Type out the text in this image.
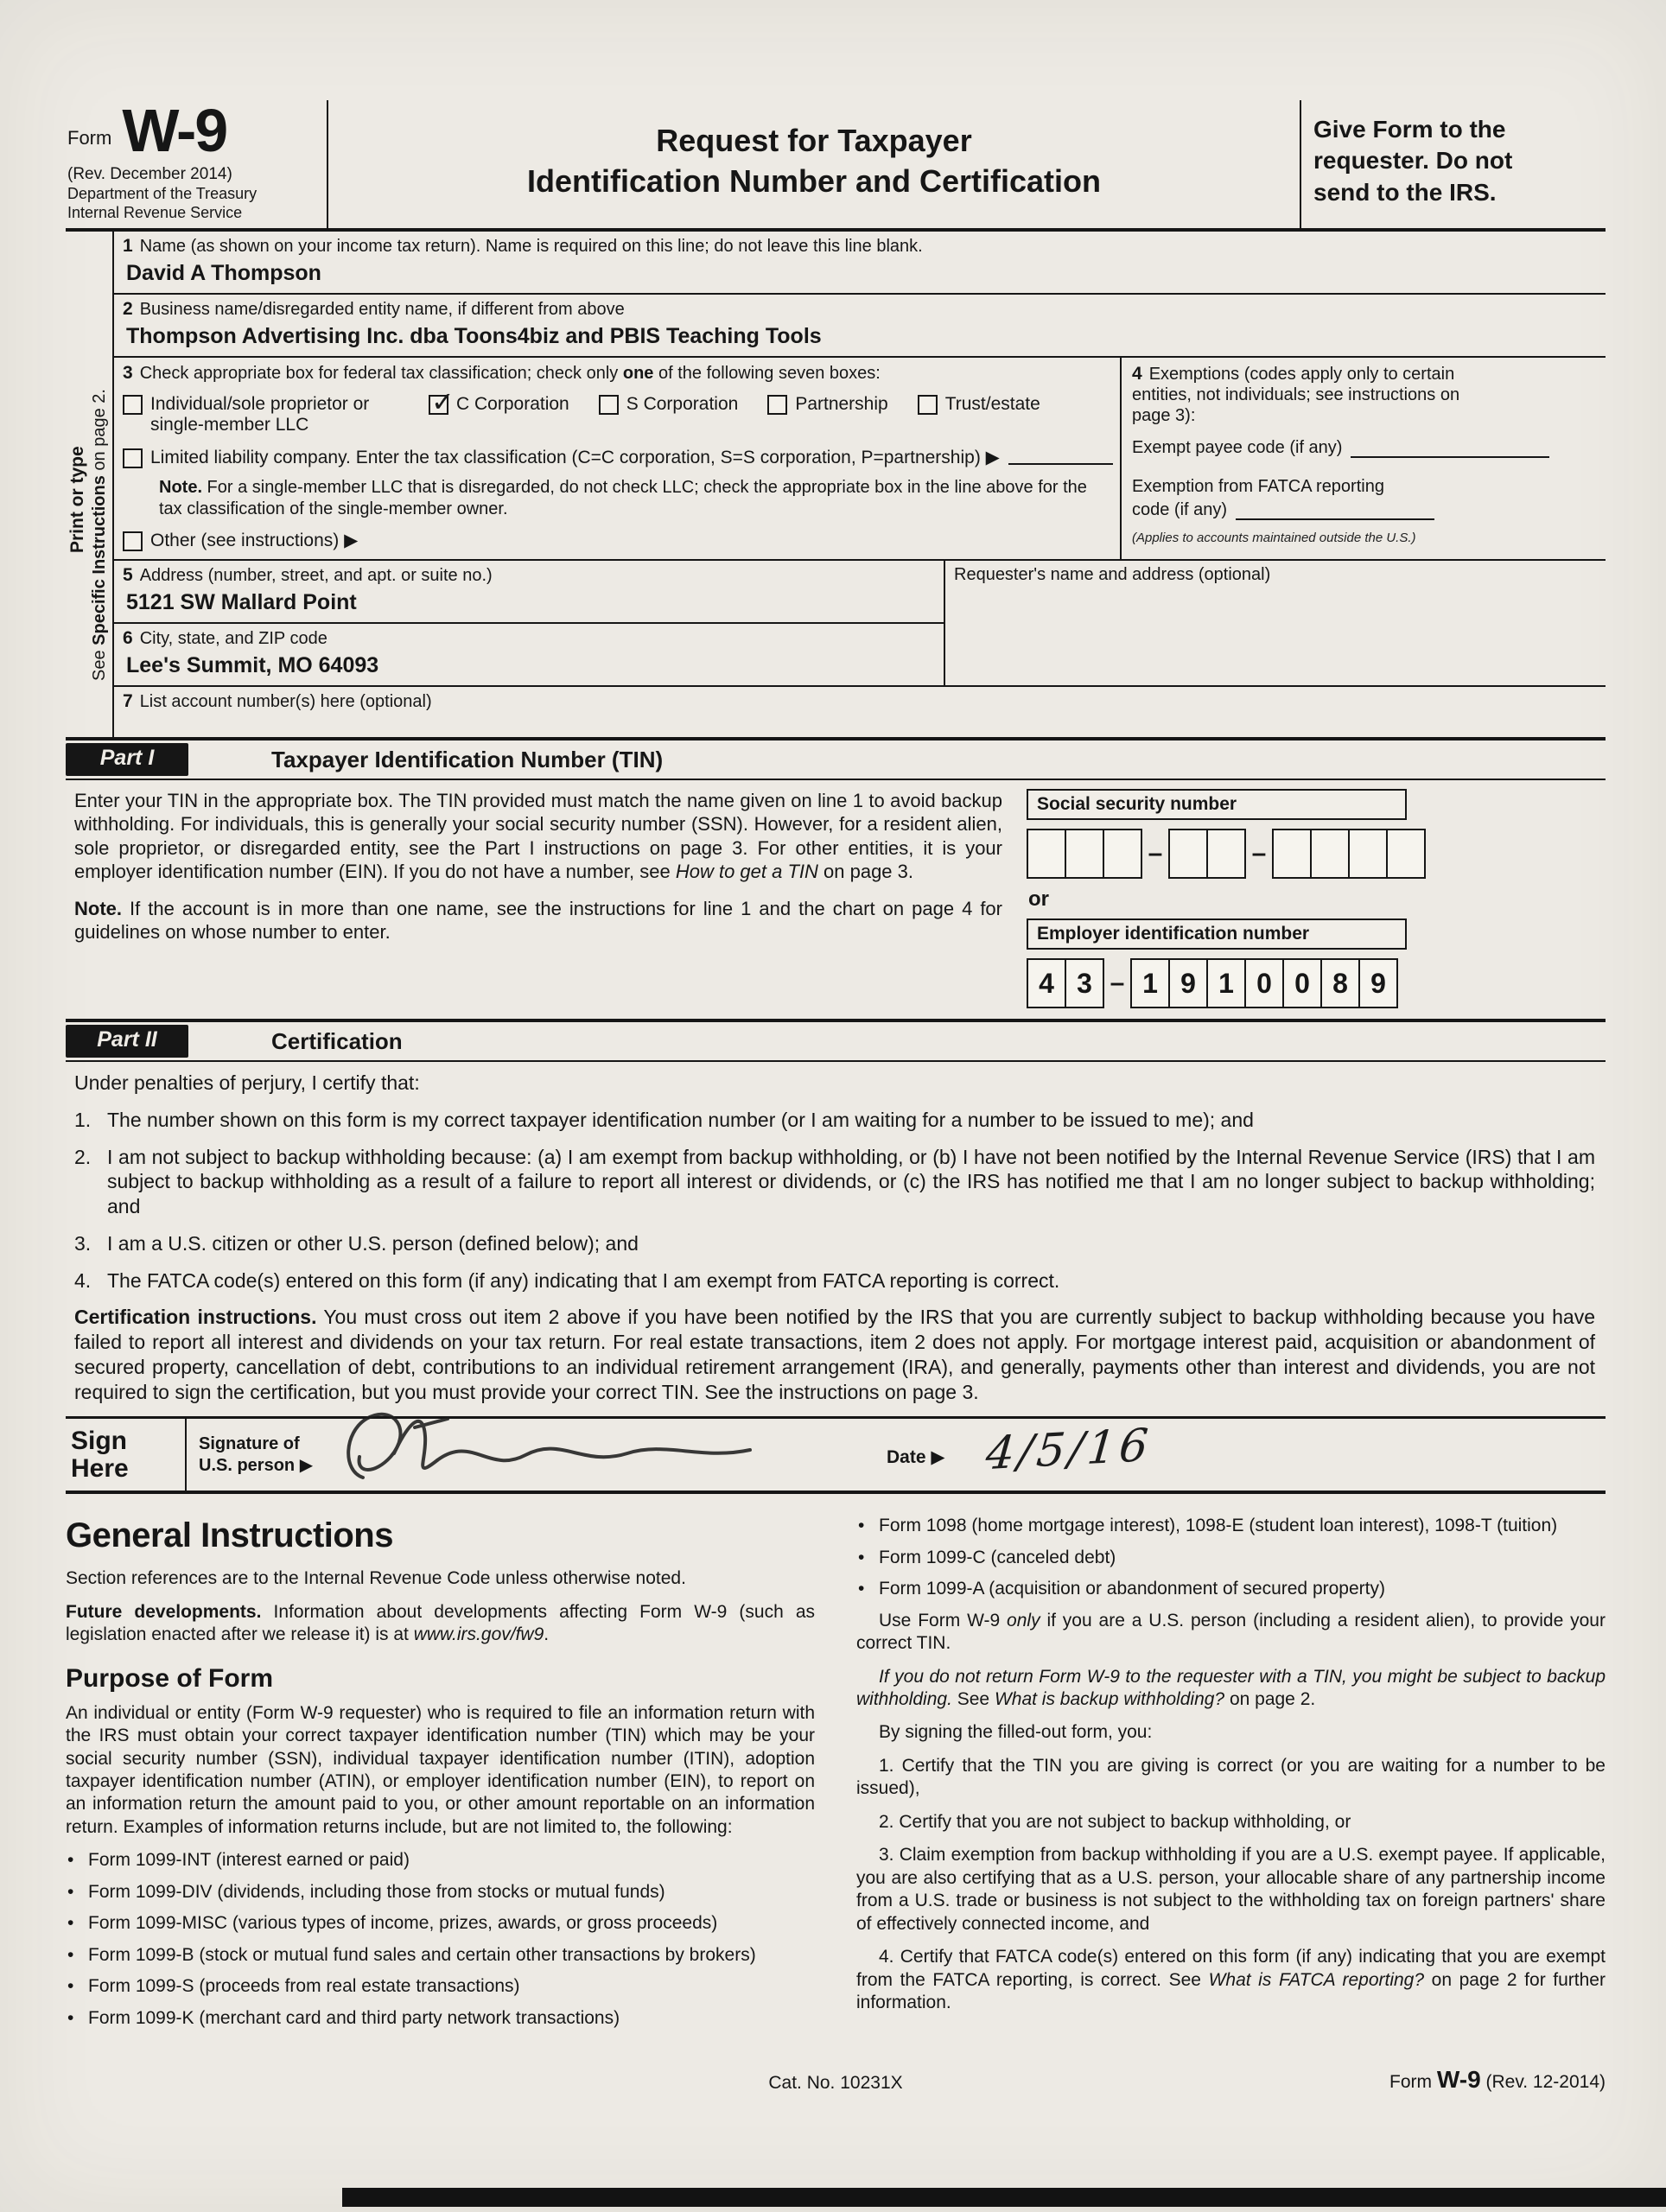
Form W-9
(Rev. December 2014)
Department of the Treasury
Internal Revenue Service
Request for Taxpayer
Identification Number and Certification
Give Form to the requester. Do not send to the IRS.
Print or type
See Specific Instructions on page 2.
1 Name (as shown on your income tax return). Name is required on this line; do not leave this line blank.
David A Thompson
2 Business name/disregarded entity name, if different from above
Thompson Advertising Inc. dba Toons4biz and PBIS Teaching Tools
3 Check appropriate box for federal tax classification; check only one of the following seven boxes:
Individual/sole proprietor or single-member LLC
✓ C Corporation	S Corporation	Partnership	Trust/estate
Limited liability company. Enter the tax classification (C=C corporation, S=S corporation, P=partnership) ▶
Note. For a single-member LLC that is disregarded, do not check LLC; check the appropriate box in the line above for the tax classification of the single-member owner.
Other (see instructions) ▶
4 Exemptions (codes apply only to certain entities, not individuals; see instructions on page 3):
Exempt payee code (if any)
Exemption from FATCA reporting
code (if any)
(Applies to accounts maintained outside the U.S.)
5 Address (number, street, and apt. or suite no.)
5121 SW Mallard Point
6 City, state, and ZIP code
Lee's Summit, MO 64093
Requester's name and address (optional)
7 List account number(s) here (optional)
Part I	Taxpayer Identification Number (TIN)

Enter your TIN in the appropriate box. The TIN provided must match the name given on line 1 to avoid backup withholding. For individuals, this is generally your social security number (SSN). However, for a resident alien, sole proprietor, or disregarded entity, see the Part I instructions on page 3. For other entities, it is your employer identification number (EIN). If you do not have a number, see How to get a TIN on page 3.

Note. If the account is in more than one name, see the instructions for line 1 and the chart on page 4 for guidelines on whose number to enter.

Social security number
–	–
or
Employer identification number
4 3 – 1 9 1 0 0 8 9
Part II	Certification
Under penalties of perjury, I certify that:
1. The number shown on this form is my correct taxpayer identification number (or I am waiting for a number to be issued to me); and
2. I am not subject to backup withholding because: (a) I am exempt from backup withholding, or (b) I have not been notified by the Internal Revenue Service (IRS) that I am subject to backup withholding as a result of a failure to report all interest or dividends, or (c) the IRS has notified me that I am no longer subject to backup withholding; and
3. I am a U.S. citizen or other U.S. person (defined below); and
4. The FATCA code(s) entered on this form (if any) indicating that I am exempt from FATCA reporting is correct.
Certification instructions. You must cross out item 2 above if you have been notified by the IRS that you are currently subject to backup withholding because you have failed to report all interest and dividends on your tax return. For real estate transactions, item 2 does not apply. For mortgage interest paid, acquisition or abandonment of secured property, cancellation of debt, contributions to an individual retirement arrangement (IRA), and generally, payments other than interest and dividends, you are not required to sign the certification, but you must provide your correct TIN. See the instructions on page 3.
Sign
Here
Signature of
U.S. person ▶	Date ▶ 4/5/16
General Instructions

Section references are to the Internal Revenue Code unless otherwise noted.

Future developments. Information about developments affecting Form W-9 (such as legislation enacted after we release it) is at www.irs.gov/fw9.

Purpose of Form

An individual or entity (Form W-9 requester) who is required to file an information return with the IRS must obtain your correct taxpayer identification number (TIN) which may be your social security number (SSN), individual taxpayer identification number (ITIN), adoption taxpayer identification number (ATIN), or employer identification number (EIN), to report on an information return the amount paid to you, or other amount reportable on an information return. Examples of information returns include, but are not limited to, the following:

• Form 1099-INT (interest earned or paid)
• Form 1099-DIV (dividends, including those from stocks or mutual funds)
• Form 1099-MISC (various types of income, prizes, awards, or gross proceeds)
• Form 1099-B (stock or mutual fund sales and certain other transactions by brokers)
• Form 1099-S (proceeds from real estate transactions)
• Form 1099-K (merchant card and third party network transactions)
• Form 1098 (home mortgage interest), 1098-E (student loan interest), 1098-T (tuition)
• Form 1099-C (canceled debt)
• Form 1099-A (acquisition or abandonment of secured property)

Use Form W-9 only if you are a U.S. person (including a resident alien), to provide your correct TIN.

If you do not return Form W-9 to the requester with a TIN, you might be subject to backup withholding. See What is backup withholding? on page 2.

By signing the filled-out form, you:

1. Certify that the TIN you are giving is correct (or you are waiting for a number to be issued),

2. Certify that you are not subject to backup withholding, or

3. Claim exemption from backup withholding if you are a U.S. exempt payee. If applicable, you are also certifying that as a U.S. person, your allocable share of any partnership income from a U.S. trade or business is not subject to the withholding tax on foreign partners' share of effectively connected income, and

4. Certify that FATCA code(s) entered on this form (if any) indicating that you are exempt from the FATCA reporting, is correct. See What is FATCA reporting? on page 2 for further information.

Cat. No. 10231X	Form W-9 (Rev. 12-2014)
